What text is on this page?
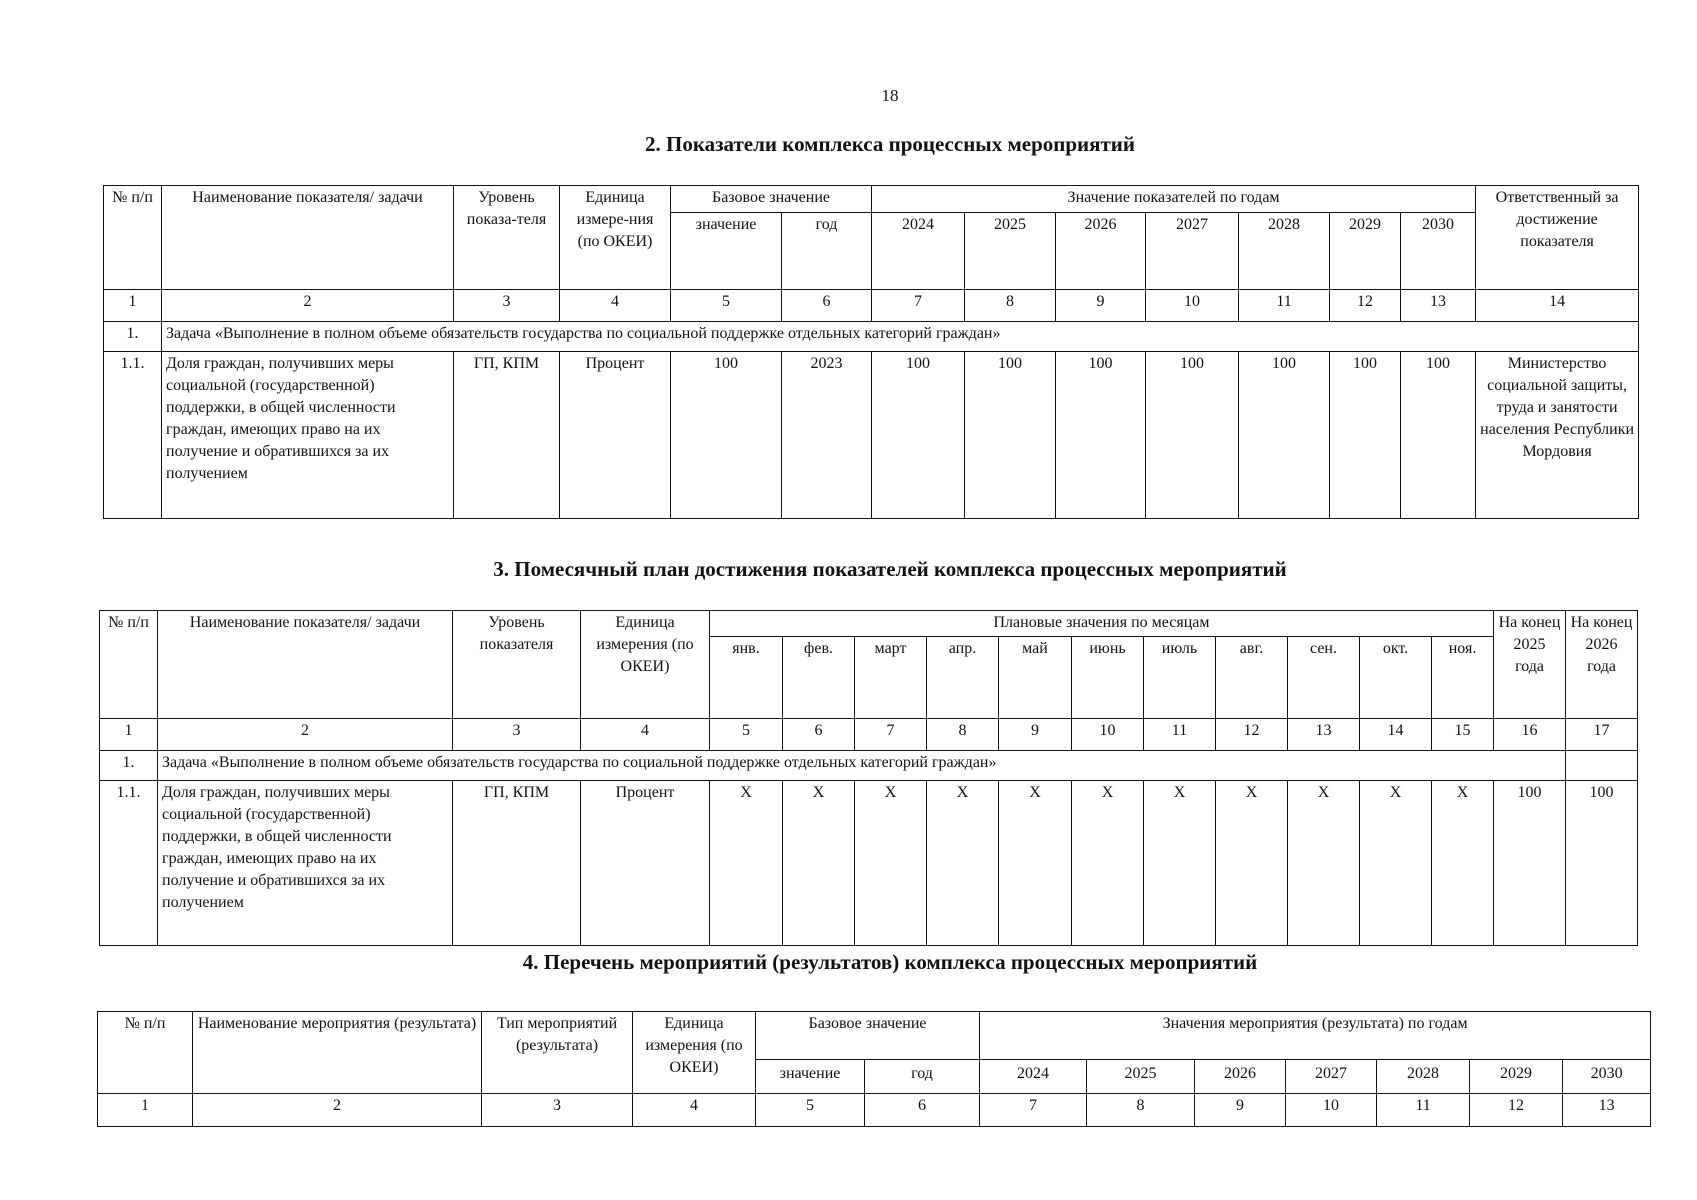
18
2. Показатели комплекса процессных мероприятий
№ п/п	Наименование показателя/ задачи	Уровень показа-теля	Единица измере-ния (по ОКЕИ)	Базовое значение		Значение показателей по годам							Ответственный за достижение показателя
				значение	год	2024	2025	2026	2027	2028	2029	2030	
1	2	3	4	5	6	7	8	9	10	11	12	13	14
1.	Задача «Выполнение в полном объеме обязательств государства по социальной поддержке отдельных категорий граждан»												
1.1.	Доля граждан, получивших меры социальной (государственной) поддержки, в общей численности граждан, имеющих право на их получение и обратившихся за их получением	ГП, КПМ	Процент	100	2023	100	100	100	100	100	100	100	Министерство социальной защиты, труда и занятости населения Республики Мордовия
3. Помесячный план достижения показателей комплекса процессных мероприятий
№ п/п	Наименование показателя/ задачи	Уровень показателя	Единица измерения (по ОКЕИ)	Плановые значения по месяцам											На конец 2025 года	На конец 2026 года
				янв.	фев.	март	апр.	май	июнь	июль	авг.	сен.	окт.	ноя.		
1	2	3	4	5	6	7	8	9	10	11	12	13	14	15	16	17
1.	Задача «Выполнение в полном объеме обязательств государства по социальной поддержке отдельных категорий граждан»															
1.1.	Доля граждан, получивших меры социальной (государственной) поддержки, в общей численности граждан, имеющих право на их получение и обратившихся за их получением	ГП, КПМ	Процент	X	X	X	X	X	X	X	X	X	X	X	100	100
4. Перечень мероприятий (результатов) комплекса процессных мероприятий
№ п/п	Наименование мероприятия (результата)	Тип мероприятий (результата)	Единица измерения (по ОКЕИ)	Базовое значение		Значения мероприятия (результата) по годам						
				значение	год	2024	2025	2026	2027	2028	2029	2030
1	2	3	4	5	6	7	8	9	10	11	12	13
